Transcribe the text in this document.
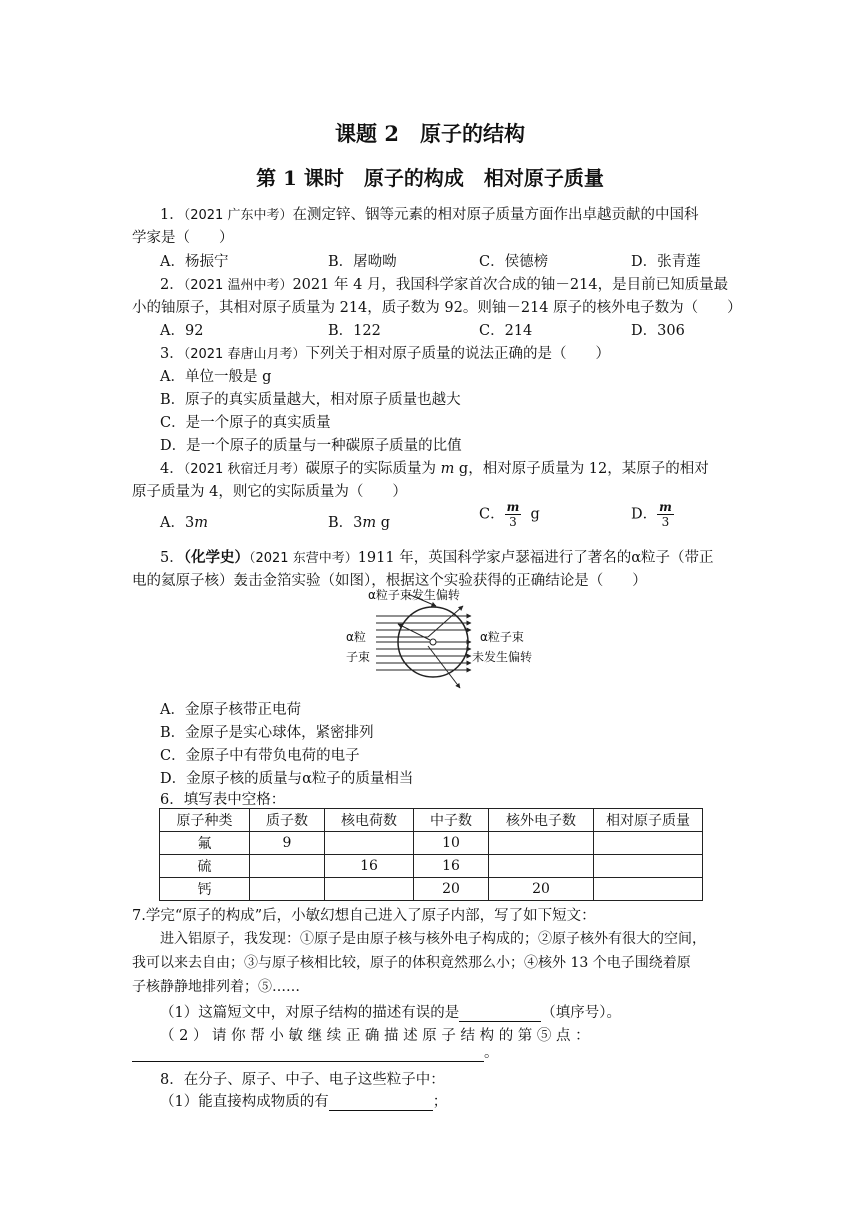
课题 2　原子的结构
第 1 课时　原子的构成　相对原子质量
1．（2021 广东中考）在测定锌、铟等元素的相对原子质量方面作出卓越贡献的中国科
学家是（　　）
A．杨振宁	B．屠呦呦	C．侯德榜	D．张青莲
2．（2021 温州中考）2021 年 4 月，我国科学家首次合成的铀－214，是目前已知质量最
小的铀原子，其相对原子质量为 214，质子数为 92。则铀－214 原子的核外电子数为（　　）
A．92	B．122	C．214	D．306
3．（2021 春唐山月考）下列关于相对原子质量的说法正确的是（　　）
A．单位一般是 g
B．原子的真实质量越大，相对原子质量也越大
C．是一个原子的真实质量
D．是一个原子的质量与一种碳原子质量的比值
4．（2021 秋宿迁月考）碳原子的实际质量为 m g，相对原子质量为 12，某原子的相对
原子质量为 4，则它的实际质量为（　　）
A．3m	B．3m g
C． $\frac{m}{3}$ g	D． $\frac{m}{3}$
5．（化学史）（2021 东营中考）1911 年，英国科学家卢瑟福进行了著名的α粒子（带正
电的氦原子核）轰击金箔实验（如图），根据这个实验获得的正确结论是（　　）
α粒子束发生偏转
α粒
子束
α粒子束
未发生偏转
A．金原子核带正电荷
B．金原子是实心球体，紧密排列
C．金原子中有带负电荷的电子
D．金原子核的质量与α粒子的质量相当
6．填写表中空格：
原子种类	质子数	核电荷数	中子数	核外电子数	相对原子质量
氟	9		10		
硫		16	16		
钙			20	20	
7.学完“原子的构成”后，小敏幻想自己进入了原子内部，写了如下短文：
进入铝原子，我发现：①原子是由原子核与核外电子构成的；②原子核外有很大的空间，
我可以来去自由；③与原子核相比较，原子的体积竟然那么小；④核外 13 个电子围绕着原
子核静静地排列着；⑤……
（1）这篇短文中，对原子结构的描述有误的是	（填序号）。
（ 2 ） 请 你 帮 小 敏 继 续 正 确 描 述 原 子 结 构 的 第 ⑤ 点 ：
。
8．在分子、原子、中子、电子这些粒子中：
（1）能直接构成物质的有	；
